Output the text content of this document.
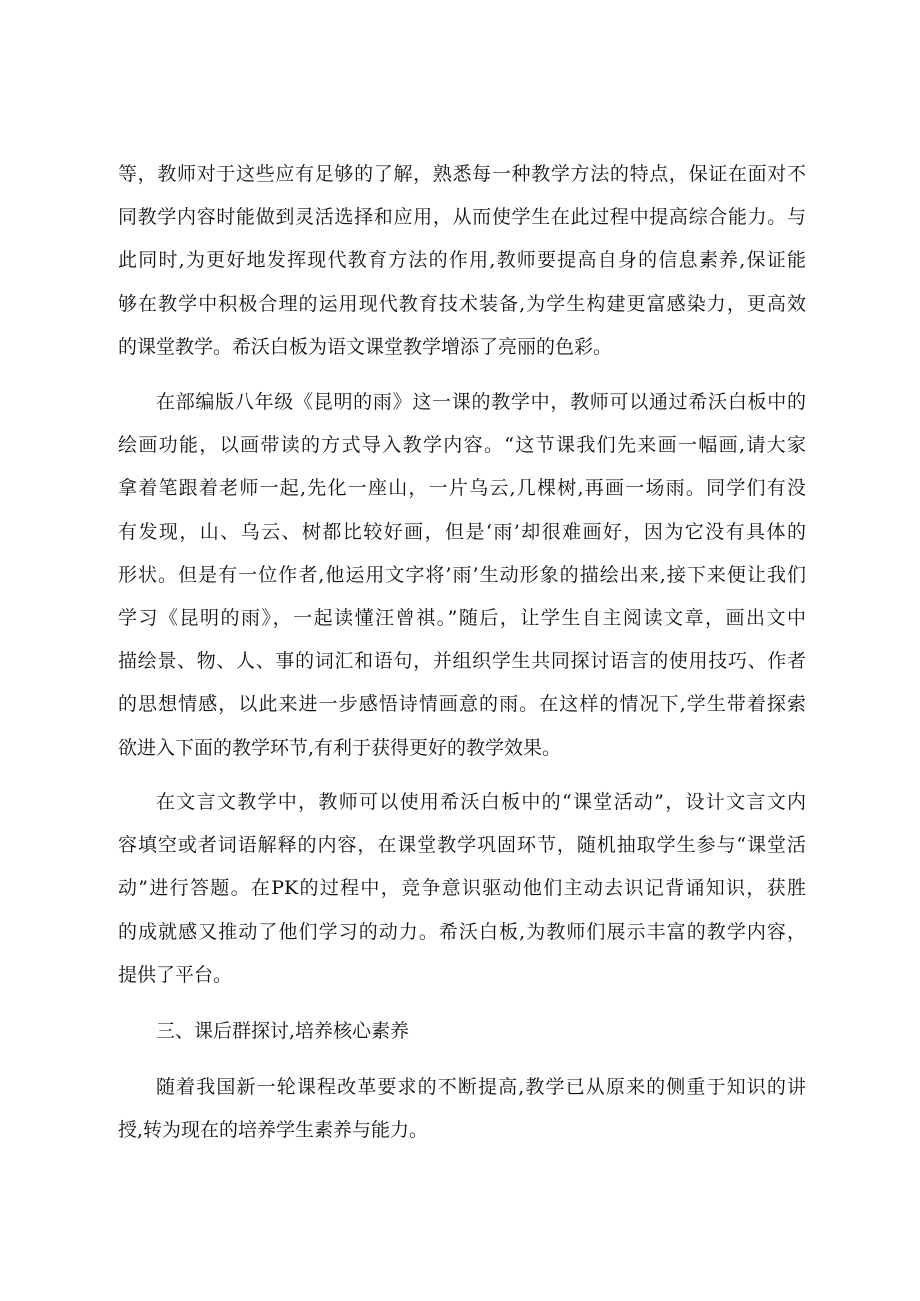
等，教师对于这些应有足够的了解，熟悉每一种教学方法的特点，保证在面对不
同教学内容时能做到灵活选择和应用，从而使学生在此过程中提高综合能力。与
此同时,为更好地发挥现代教育方法的作用,教师要提高自身的信息素养,保证能
够在教学中积极合理的运用现代教育技术装备,为学生构建更富感染力，更高效
的课堂教学。希沃白板为语文课堂教学增添了亮丽的色彩。
在部编版八年级《昆明的雨》这一课的教学中，教师可以通过希沃白板中的
绘画功能，以画带读的方式导入教学内容。“这节课我们先来画一幅画,请大家
拿着笔跟着老师一起,先化一座山，一片乌云,几棵树,再画一场雨。同学们有没
有发现，山、乌云、树都比较好画，但是‘雨’却很难画好，因为它没有具体的
形状。但是有一位作者,他运用文字将’雨’生动形象的描绘出来,接下来便让我们
学习《昆明的雨》，一起读懂汪曾祺。”随后，让学生自主阅读文章，画出文中
描绘景、物、人、事的词汇和语句，并组织学生共同探讨语言的使用技巧、作者
的思想情感，以此来进一步感悟诗情画意的雨。在这样的情况下,学生带着探索
欲进入下面的教学环节,有利于获得更好的教学效果。
在文言文教学中，教师可以使用希沃白板中的“课堂活动”，设计文言文内
容填空或者词语解释的内容，在课堂教学巩固环节，随机抽取学生参与“课堂活
动”进行答题。在PK的过程中，竞争意识驱动他们主动去识记背诵知识，获胜
的成就感又推动了他们学习的动力。希沃白板,为教师们展示丰富的教学内容，
提供了平台。
三、课后群探讨,培养核心素养
随着我国新一轮课程改革要求的不断提高,教学已从原来的侧重于知识的讲
授,转为现在的培养学生素养与能力。
